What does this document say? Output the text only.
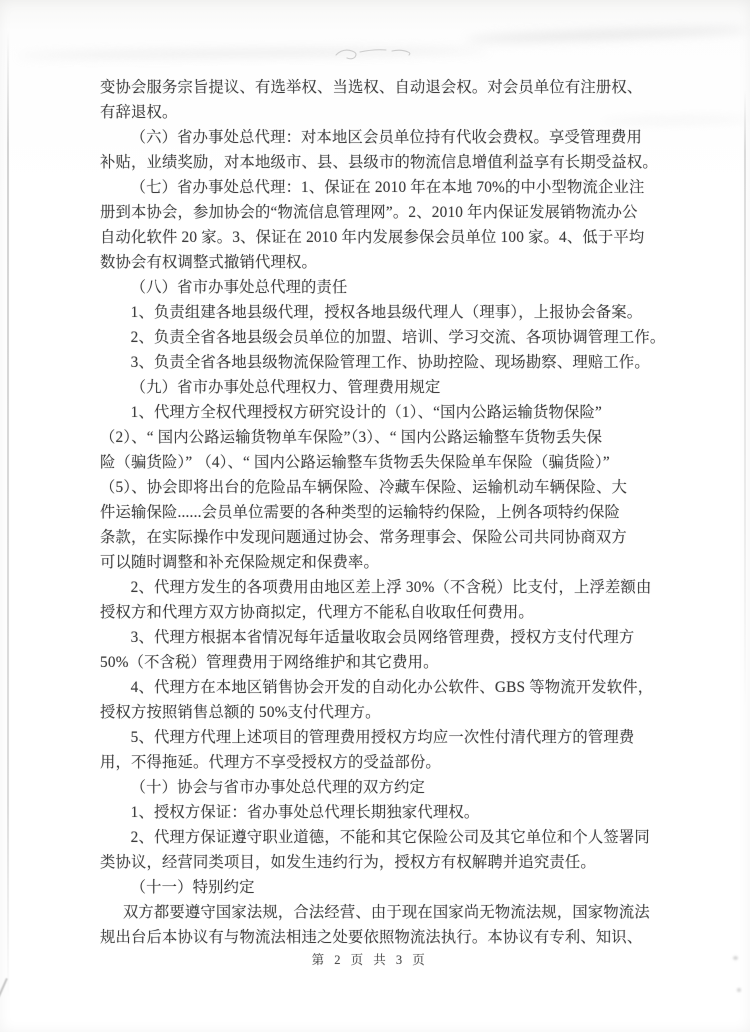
变协会服务宗旨提议、有选举权、当选权、自动退会权。对会员单位有注册权、
有辞退权。
（六）省办事处总代理：对本地区会员单位持有代收会费权。享受管理费用
补贴，业绩奖励，对本地级市、县、县级市的物流信息增值利益享有长期受益权。
（七）省办事处总代理：1、保证在 2010 年在本地 70%的中小型物流企业注
册到本协会，参加协会的“物流信息管理网”。2、2010 年内保证发展销物流办公
自动化软件 20 家。3、保证在 2010 年内发展参保会员单位 100 家。4、低于平均
数协会有权调整式撤销代理权。
（八）省市办事处总代理的责任
1、负责组建各地县级代理，授权各地县级代理人（理事），上报协会备案。
2、负责全省各地县级会员单位的加盟、培训、学习交流、各项协调管理工作。
3、负责全省各地县级物流保险管理工作、协助控险、现场勘察、理赔工作。
（九）省市办事处总代理权力、管理费用规定
1、代理方全权代理授权方研究设计的（1）、“国内公路运输货物保险”
（2）、“ 国内公路运输货物单车保险”（3）、“ 国内公路运输整车货物丢失保
险（骗货险）” （4）、“ 国内公路运输整车货物丢失保险单车保险（骗货险）”
（5）、协会即将出台的危险品车辆保险、冷藏车保险、运输机动车辆保险、大
件运输保险......会员单位需要的各种类型的运输特约保险，上例各项特约保险
条款，在实际操作中发现问题通过协会、常务理事会、保险公司共同协商双方
可以随时调整和补充保险规定和保费率。
2、代理方发生的各项费用由地区差上浮 30%（不含税）比支付，上浮差额由
授权方和代理方双方协商拟定，代理方不能私自收取任何费用。
3、代理方根据本省情况每年适量收取会员网络管理费，授权方支付代理方
50%（不含税）管理费用于网络维护和其它费用。
4、代理方在本地区销售协会开发的自动化办公软件、GBS 等物流开发软件，
授权方按照销售总额的 50%支付代理方。
5、代理方代理上述项目的管理费用授权方均应一次性付清代理方的管理费
用，不得拖延。代理方不享受授权方的受益部份。
（十）协会与省市办事处总代理的双方约定
1、授权方保证：省办事处总代理长期独家代理权。
2、代理方保证遵守职业道德，不能和其它保险公司及其它单位和个人签署同
类协议，经营同类项目，如发生违约行为，授权方有权解聘并追究责任。
（十一）特别约定
双方都要遵守国家法规，合法经营、由于现在国家尚无物流法规，国家物流法
规出台后本协议有与物流法相违之处要依照物流法执行。本协议有专利、知识、
第 2 页 共 3 页
